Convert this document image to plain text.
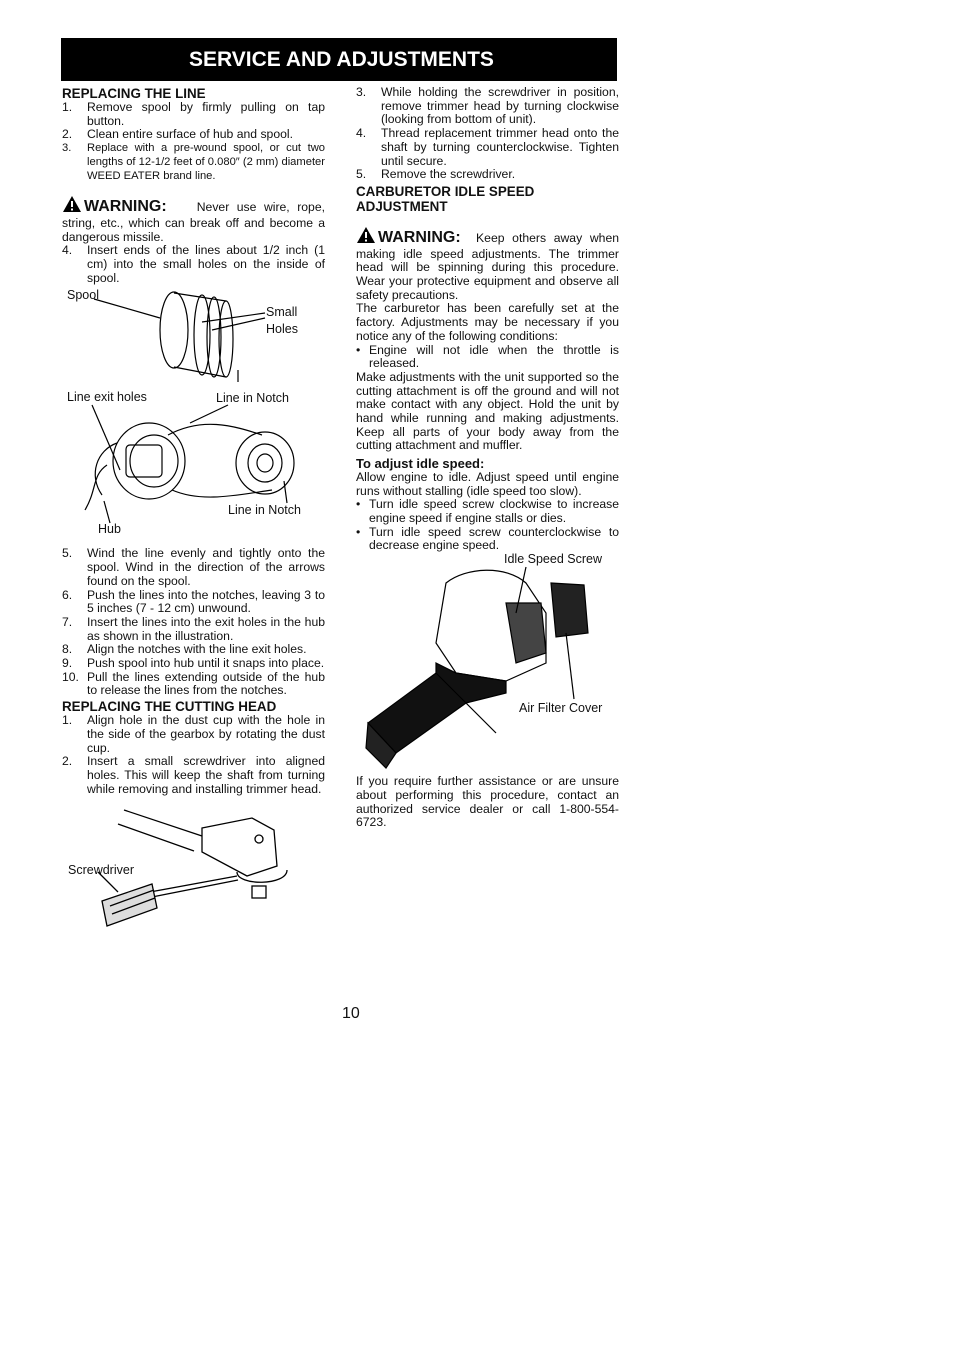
SERVICE AND ADJUSTMENTS
REPLACING THE LINE
1. Remove spool by firmly pulling on tap button.
2. Clean entire surface of hub and spool.
3. Replace with a pre-wound spool, or cut two lengths of 12-1/2 feet of 0.080″ (2 mm) diameter WEED EATER brand line.

WARNING: Never use wire, rope, string, etc., which can break off and become a dangerous missile.

4. Insert ends of the lines about 1/2 inch (1 cm) into the small holes on the inside of spool.
Spool
Small
Holes
Line exit holes	Line in Notch
Line in Notch
Hub
5. Wind the line evenly and tightly onto the spool. Wind in the direction of the arrows found on the spool.
6. Push the lines into the notches, leaving 3 to 5 inches (7 - 12 cm) unwound.
7. Insert the lines into the exit holes in the hub as shown in the illustration.
8. Align the notches with the line exit holes.
9. Push spool into hub until it snaps into place.
10. Pull the lines extending outside of the hub to release the lines from the notches.
REPLACING THE CUTTING HEAD
1. Align hole in the dust cup with the hole in the side of the gearbox by rotating the dust cup.
2. Insert a small screwdriver into aligned holes. This will keep the shaft from turning while removing and installing trimmer head.
Screwdriver
3. While holding the screwdriver in position, remove trimmer head by turning clockwise (looking from bottom of unit).
4. Thread replacement trimmer head onto the shaft by turning counterclockwise. Tighten until secure.
5. Remove the screwdriver.
CARBURETOR IDLE SPEED ADJUSTMENT

WARNING: Keep others away when making idle speed adjustments. The trimmer head will be spinning during this procedure. Wear your protective equipment and observe all safety precautions.

The carburetor has been carefully set at the factory. Adjustments may be necessary if you notice any of the following conditions:

• Engine will not idle when the throttle is released.

Make adjustments with the unit supported so the cutting attachment is off the ground and will not make contact with any object. Hold the unit by hand while running and making adjustments. Keep all parts of your body away from the cutting attachment and muffler.

To adjust idle speed:

Allow engine to idle. Adjust speed until engine runs without stalling (idle speed too slow).

• Turn idle speed screw clockwise to increase engine speed if engine stalls or dies.
• Turn idle speed screw counterclockwise to decrease engine speed.
Idle Speed Screw
Air Filter Cover

If you require further assistance or are unsure about performing this procedure, contact an authorized service dealer or call 1-800-554-6723.

10
